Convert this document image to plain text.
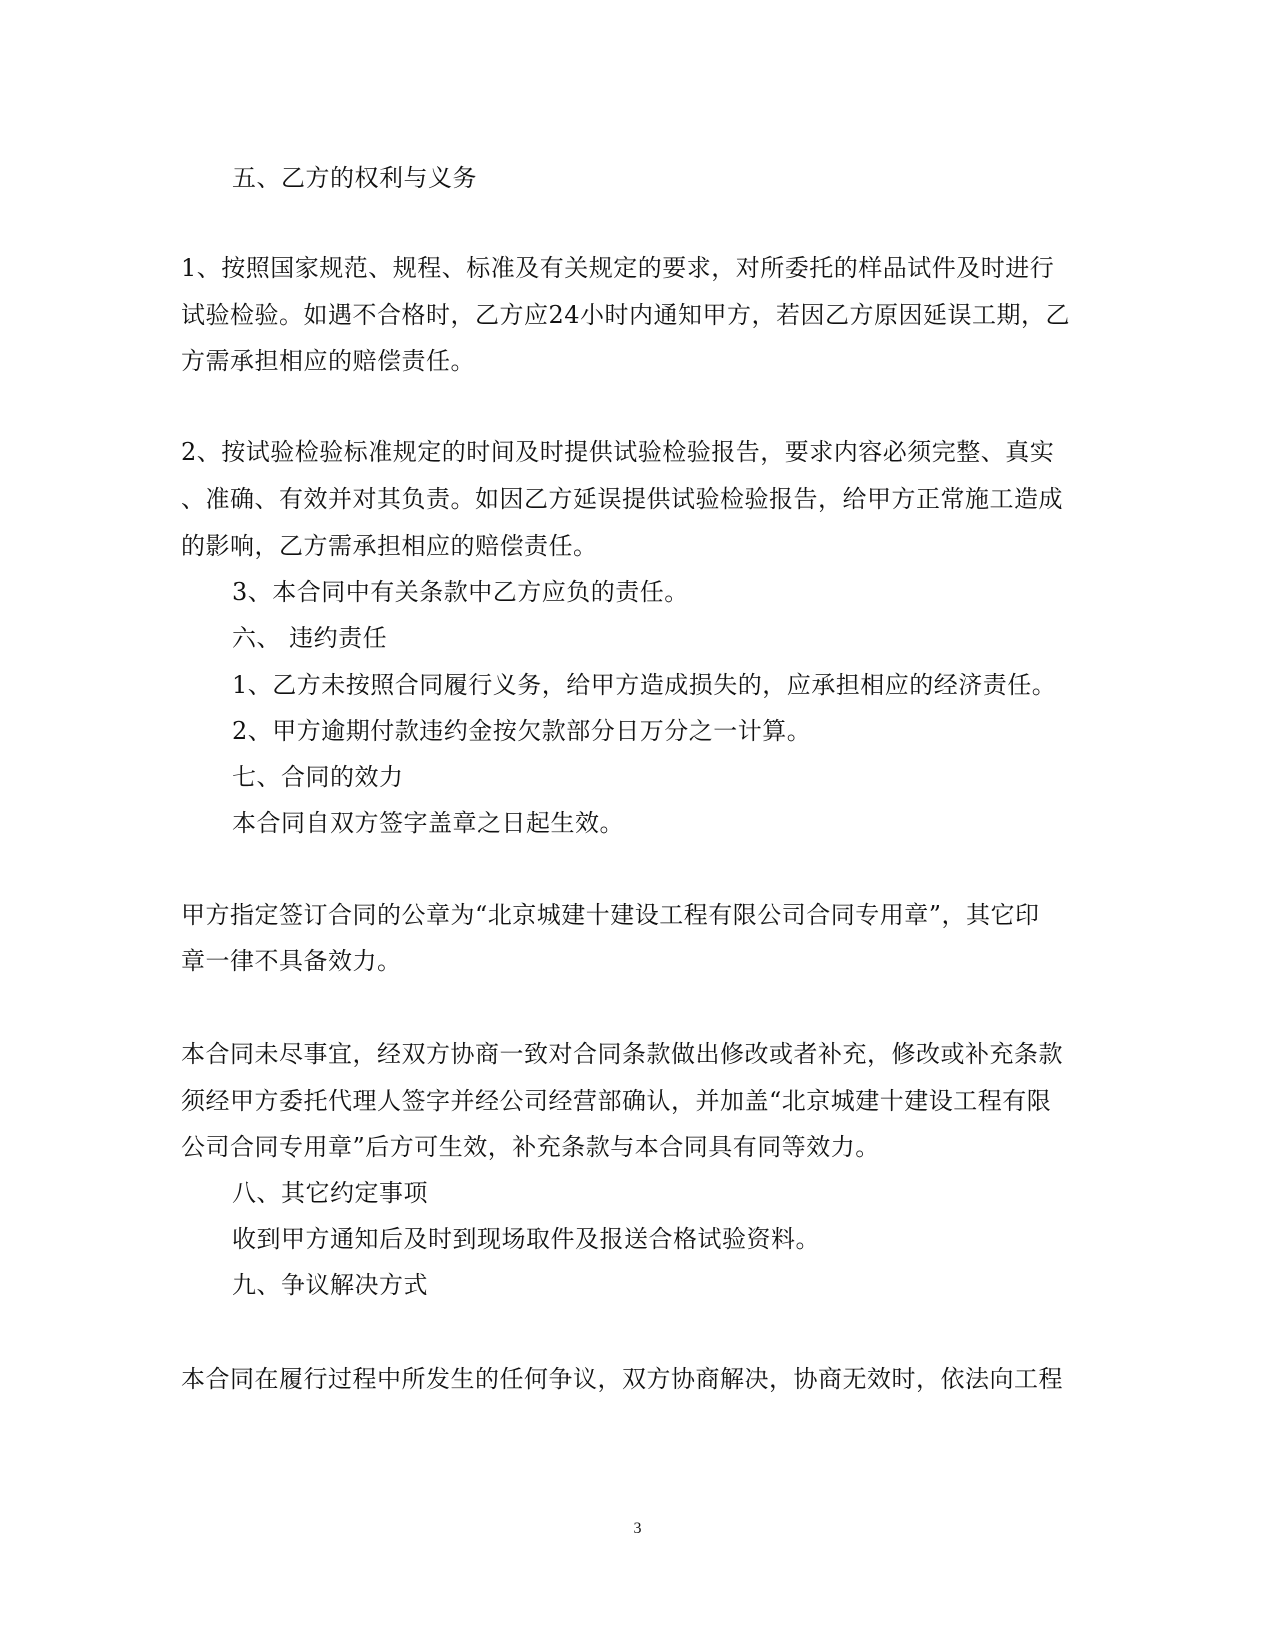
五、乙方的权利与义务
1、按照国家规范、规程、标准及有关规定的要求，对所委托的样品试件及时进行
试验检验。如遇不合格时，乙方应24小时内通知甲方，若因乙方原因延误工期，乙
方需承担相应的赔偿责任。
2、按试验检验标准规定的时间及时提供试验检验报告，要求内容必须完整、真实
、准确、有效并对其负责。如因乙方延误提供试验检验报告，给甲方正常施工造成
的影响，乙方需承担相应的赔偿责任。
3、本合同中有关条款中乙方应负的责任。
六、 违约责任
1、乙方未按照合同履行义务，给甲方造成损失的，应承担相应的经济责任。
2、甲方逾期付款违约金按欠款部分日万分之一计算。
七、合同的效力
本合同自双方签字盖章之日起生效。
甲方指定签订合同的公章为“北京城建十建设工程有限公司合同专用章”，其它印
章一律不具备效力。
本合同未尽事宜，经双方协商一致对合同条款做出修改或者补充，修改或补充条款
须经甲方委托代理人签字并经公司经营部确认，并加盖“北京城建十建设工程有限
公司合同专用章”后方可生效，补充条款与本合同具有同等效力。
八、其它约定事项
收到甲方通知后及时到现场取件及报送合格试验资料。
九、争议解决方式
本合同在履行过程中所发生的任何争议，双方协商解决，协商无效时，依法向工程
3
